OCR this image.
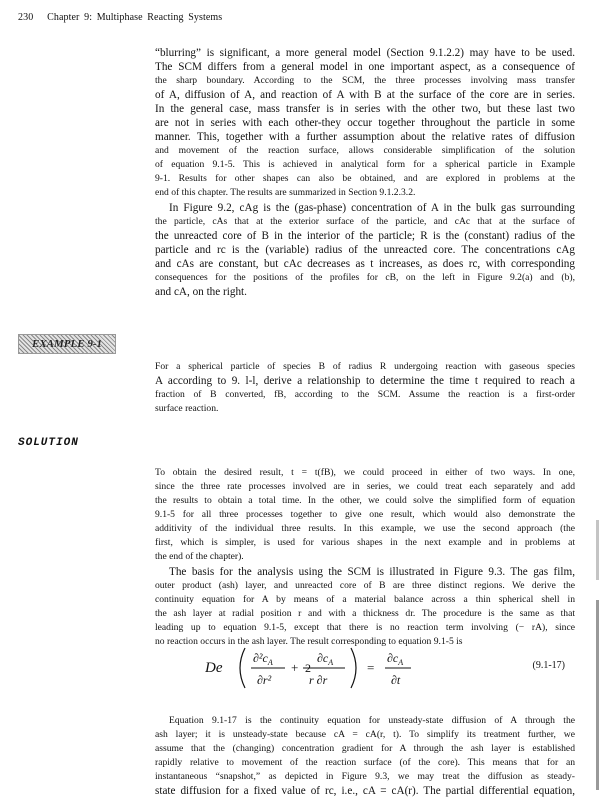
230 Chapter 9: Multiphase Reacting Systems
“blurring” is significant, a more general model (Section 9.1.2.2) may have to be used.
The SCM differs from a general model in one important aspect, as a consequence of
the sharp boundary. According to the SCM, the three processes involving mass transfer
of A, diffusion of A, and reaction of A with B at the surface of the core are in series.
In the general case, mass transfer is in series with the other two, but these last two
are not in series with each other-they occur together throughout the particle in some
manner. This, together with a further assumption about the relative rates of diffusion
and movement of the reaction surface, allows considerable simplification of the solution
of equation 9.1-5. This is achieved in analytical form for a spherical particle in Example
9-1. Results for other shapes can also be obtained, and are explored in problems at the
end of this chapter. The results are summarized in Section 9.1.2.3.2.
In Figure 9.2, cAg is the (gas-phase) concentration of A in the bulk gas surrounding
the particle, cAs that at the exterior surface of the particle, and cAc that at the surface of
the unreacted core of B in the interior of the particle; R is the (constant) radius of the
particle and rc is the (variable) radius of the unreacted core. The concentrations cAg
and cAs are constant, but cAc decreases as t increases, as does rc, with corresponding
consequences for the positions of the profiles for cB, on the left in Figure 9.2(a) and (b),
and cA, on the right.
EXAMPLE 9-1
For a spherical particle of species B of radius R undergoing reaction with gaseous species
A according to 9. l-l, derive a relationship to determine the time t required to reach a
fraction of B converted, fB, according to the SCM. Assume the reaction is a first-order
surface reaction.
SOLUTION
To obtain the desired result, t = t(fB), we could proceed in either of two ways. In one,
since the three rate processes involved are in series, we could treat each separately and add
the results to obtain a total time. In the other, we could solve the simplified form of equation
9.1-5 for all three processes together to give one result, which would also demonstrate the
additivity of the individual three results. In this example, we use the second approach (the
first, which is simpler, is used for various shapes in the next example and in problems at
the end of the chapter).
The basis for the analysis using the SCM is illustrated in Figure 9.3. The gas film,
outer product (ash) layer, and unreacted core of B are three distinct regions. We derive the
continuity equation for A by means of a material balance across a thin spherical shell in
the ash layer at radial position r and with a thickness dr. The procedure is the same as that
leading up to equation 9.1-5, except that there is no reaction term involving (− rA), since
no reaction occurs in the ash layer. The result corresponding to equation 9.1-5 is
De
$\partial^2c_A$
∂r²
+ 2
$\partial c_A$
r ∂r
=
$\partial c_A$
∂t
(9.1-17)
Equation 9.1-17 is the continuity equation for unsteady-state diffusion of A through the
ash layer; it is unsteady-state because cA = cA(r, t). To simplify its treatment further, we
assume that the (changing) concentration gradient for A through the ash layer is established
rapidly relative to movement of the reaction surface (of the core). This means that for an
instantaneous “snapshot,” as depicted in Figure 9.3, we may treat the diffusion as steady-
state diffusion for a fixed value of rc, i.e., cA = cA(r). The partial differential equation,
